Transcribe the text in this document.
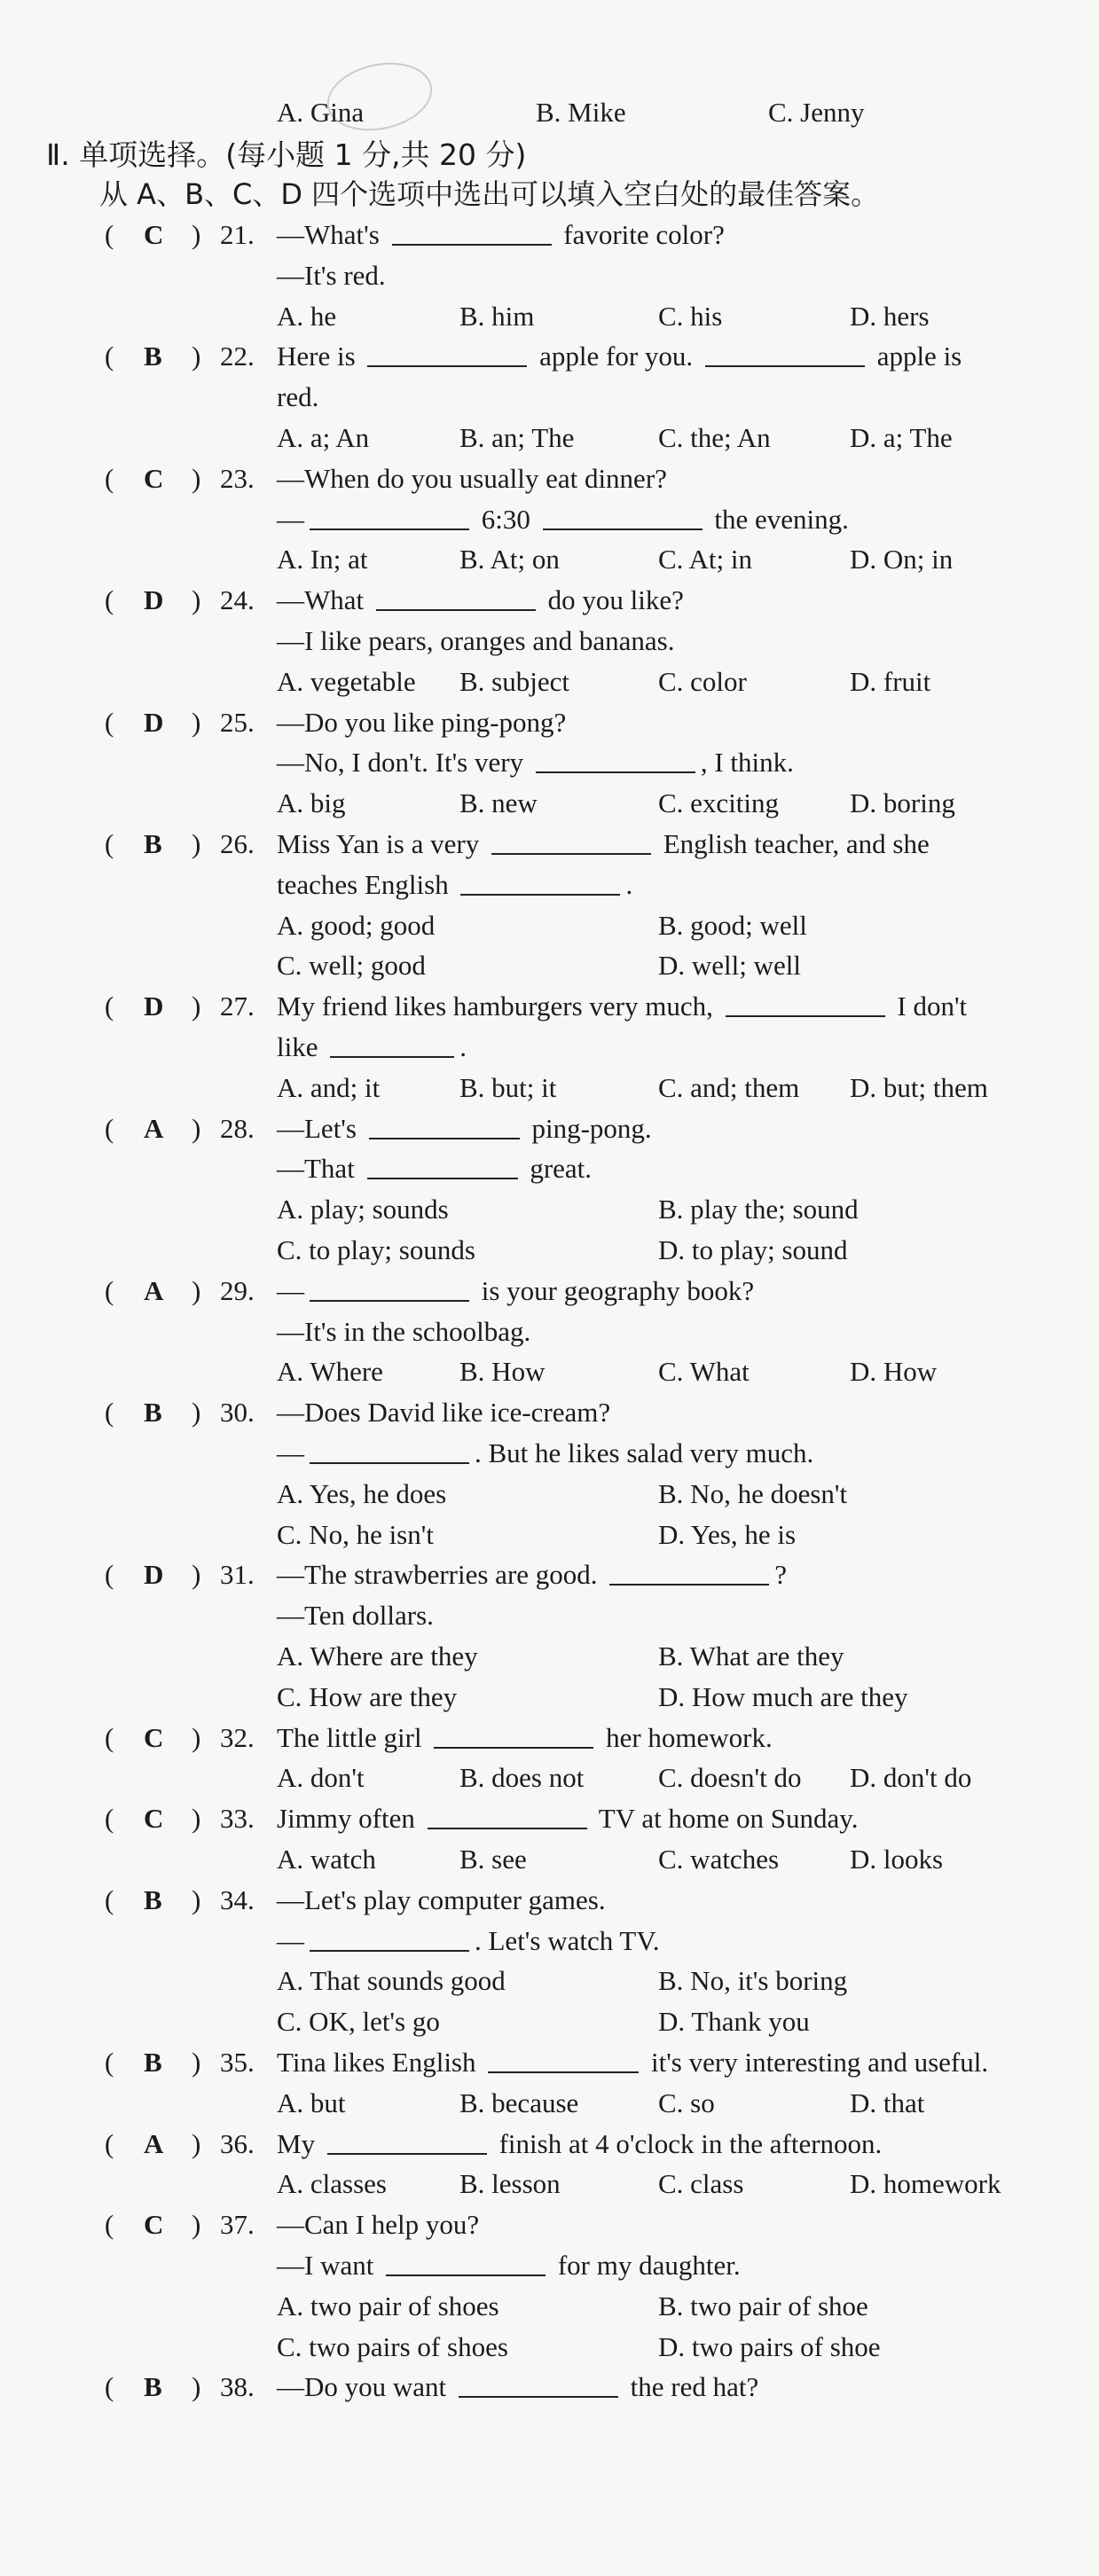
A. Gina	B. Mike	C. Jenny
Ⅱ. 单项选择。(每小题 1 分,共 20 分)
从 A、B、C、D 四个选项中选出可以填入空白处的最佳答案。
( C ) 21. —What's	favorite color?
—It's red.
A. he	B. him	C. his	D. hers
( B ) 22. Here is	apple for you.	apple is
red.
A. a; An	B. an; The	C. the; An	D. a; The
( C ) 23. —When do you usually eat dinner?
—	6:30	the evening.
A. In; at	B. At; on	C. At; in	D. On; in
( D ) 24. —What	do you like?
—I like pears, oranges and bananas.
A. vegetable B. subject	C. color	D. fruit
( D ) 25. —Do you like ping-pong?
—No, I don't. It's very	, I think.
A. big	B. new	C. exciting	D. boring
( B ) 26. Miss Yan is a very	English teacher, and she
teaches English	.
A. good; good	B. good; well
C. well; good	D. well; well
( D ) 27. My friend likes hamburgers very much,	I don't
like	.
A. and; it	B. but; it	C. and; them D. but; them
( A ) 28. —Let's	ping-pong.
—That	great.
A. play; sounds	B. play the; sound
C. to play; sounds	D. to play; sound
( A ) 29. —	is your geography book?
—It's in the schoolbag.
A. Where	B. How	C. What	D. How
( B ) 30. —Does David like ice-cream?
—	. But he likes salad very much.
A. Yes, he does	B. No, he doesn't
C. No, he isn't	D. Yes, he is
( D ) 31. —The strawberries are good.	?
—Ten dollars.
A. Where are they	B. What are they
C. How are they	D. How much are they
( C ) 32. The little girl	her homework.
A. don't	B. does not	C. doesn't do D. don't do
( C ) 33. Jimmy often	TV at home on Sunday.
A. watch	B. see	C. watches	D. looks
( B ) 34. —Let's play computer games.
—	. Let's watch TV.
A. That sounds good	B. No, it's boring
C. OK, let's go	D. Thank you
( B ) 35. Tina likes English	it's very interesting and useful.
A. but	B. because	C. so	D. that
( A ) 36. My	finish at 4 o'clock in the afternoon.
A. classes	B. lesson	C. class	D. homework
( C ) 37. —Can I help you?
—I want	for my daughter.
A. two pair of shoes	B. two pair of shoe
C. two pairs of shoes	D. two pairs of shoe
( B ) 38. —Do you want	the red hat?
